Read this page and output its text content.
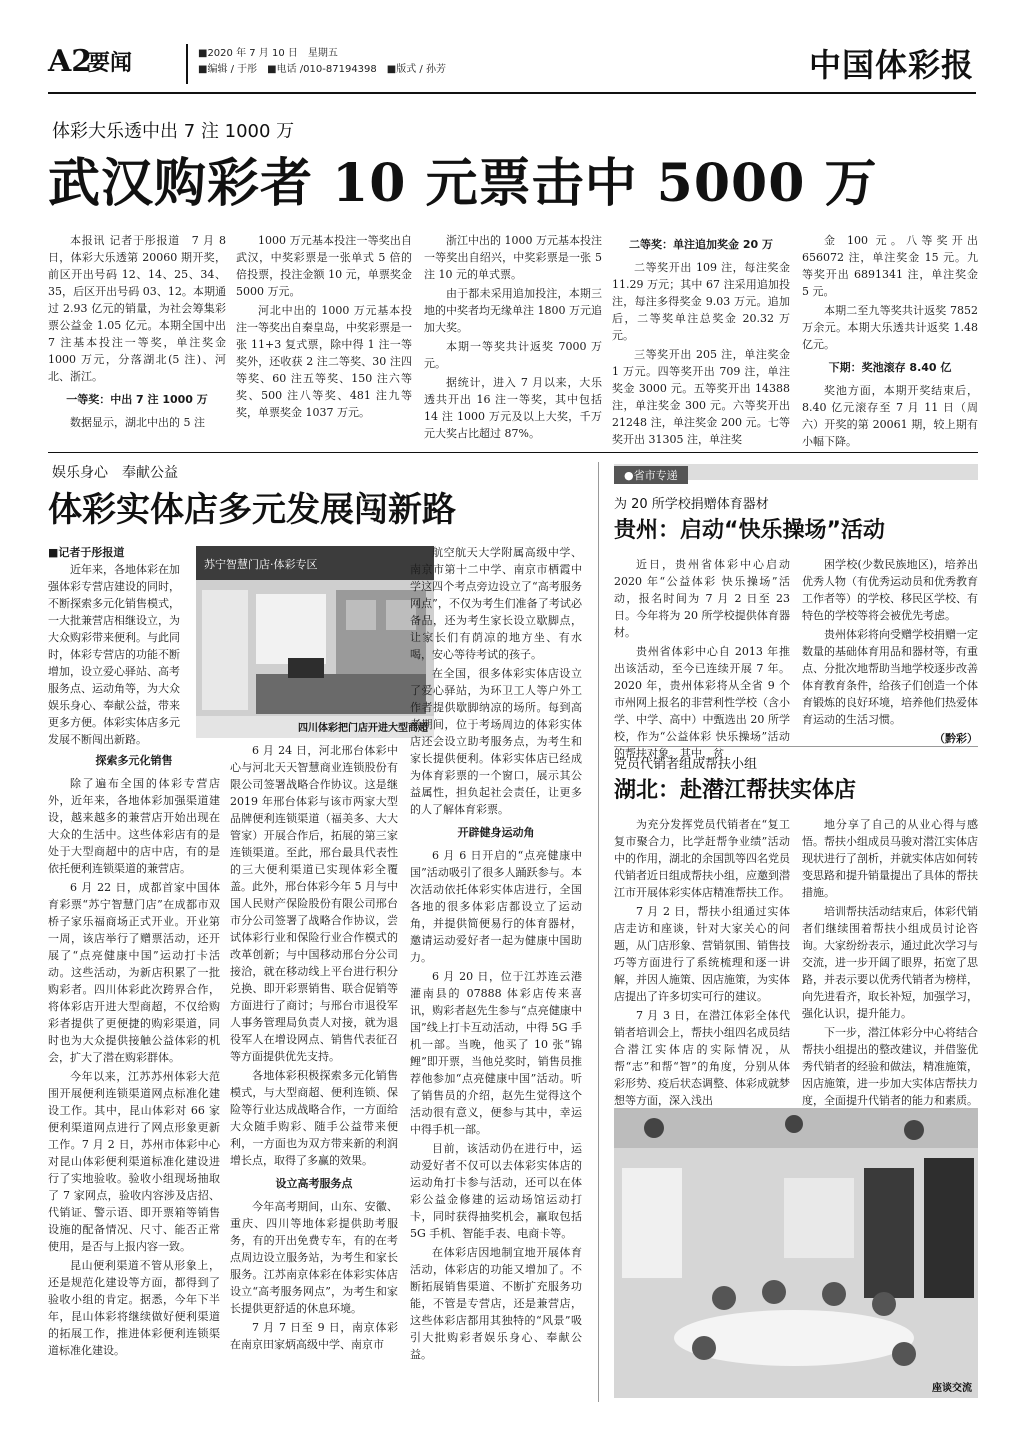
A2
要闻	■2020 年 7 月 10 日　星期五
■编辑 / 于彤　■电话 /010-87194398　■版式 / 孙芳	中国体彩报
体彩大乐透中出 7 注 1000 万
武汉购彩者 10 元票击中 5000 万

本报讯 记者于彤报道　7 月 8 日，体彩大乐透第 20060 期开奖，前区开出号码 12、14、25、34、35，后区开出号码 03、12。本期通过 2.93 亿元的销量，为社会筹集彩票公益金 1.05 亿元。本期全国中出 7 注基本投注一等奖，单注奖金 1000 万元，分落湖北(5 注)、河北、浙江。

一等奖：中出 7 注 1000 万

数据显示，湖北中出的 5 注

1000 万元基本投注一等奖出自武汉，中奖彩票是一张单式 5 倍的倍投票，投注金额 10 元，单票奖金 5000 万元。

河北中出的 1000 万元基本投注一等奖出自秦皇岛，中奖彩票是一张 11+3 复式票，除中得 1 注一等奖外，还收获 2 注二等奖、30 注四等奖、60 注五等奖、150 注六等奖、500 注八等奖、481 注九等奖，单票奖金 1037 万元。

浙江中出的 1000 万元基本投注一等奖出自绍兴，中奖彩票是一张 5 注 10 元的单式票。

由于都未采用追加投注，本期三地的中奖者均无缘单注 1800 万元追加大奖。

本期一等奖共计返奖 7000 万元。

据统计，进入 7 月以来，大乐透共开出 16 注一等奖，其中包括 14 注 1000 万元及以上大奖，千万元大奖占比超过 87%。

二等奖：单注追加奖金 20 万

二等奖开出 109 注，每注奖金 11.29 万元；其中 67 注采用追加投注，每注多得奖金 9.03 万元。追加后，二等奖单注总奖金 20.32 万元。

三等奖开出 205 注，单注奖金 1 万元。四等奖开出 709 注，单注奖金 3000 元。五等奖开出 14388 注，单注奖金 300 元。六等奖开出 21248 注，单注奖金 200 元。七等奖开出 31305 注，单注奖

金 100 元。八等奖开出 656072 注，单注奖金 15 元。九等奖开出 6891341 注，单注奖金 5 元。

本期二至九等奖共计返奖 7852 万余元。本期大乐透共计返奖 1.48 亿元。

下期：奖池滚存 8.40 亿

奖池方面，本期开奖结束后，8.40 亿元滚存至 7 月 11 日（周六）开奖的第 20061 期，较上期有小幅下降。

娱乐身心　奉献公益
体彩实体店多元发展闯新路
■记者于彤报道

近年来，各地体彩在加强体彩专营店建设的同时，不断探索多元化销售模式，一大批兼营店相继设立，为大众购彩带来便利。与此同时，体彩专营店的功能不断增加，设立爱心驿站、高考服务点、运动角等，为大众娱乐身心、奉献公益，带来更多方便。体彩实体店多元发展不断闯出新路。

苏宁智慧门店·体彩专区
四川体彩把门店开进大型商超
探索多元化销售

除了遍布全国的体彩专营店外，近年来，各地体彩加强渠道建设，越来越多的兼营店开始出现在大众的生活中。这些体彩店有的是处于大型商超中的店中店，有的是依托便利连锁渠道的兼营店。

6 月 22 日，成都首家中国体育彩票“苏宁智慧门店”在成都市双桥子家乐福商场正式开业。开业第一周，该店举行了赠票活动，还开展了“点亮健康中国”运动打卡活动。这些活动，为新店积累了一批购彩者。四川体彩此次跨界合作，将体彩店开进大型商超，不仅给购彩者提供了更便捷的购彩渠道，同时也为大众提供接触公益体彩的机会，扩大了潜在购彩群体。

今年以来，江苏苏州体彩大范围开展便利连锁渠道网点标准化建设工作。其中，昆山体彩对 66 家便利渠道网点进行了网点形象更新工作。7 月 2 日，苏州市体彩中心对昆山体彩便利渠道标准化建设进行了实地验收。验收小组现场抽取了 7 家网点，验收内容涉及店招、代销证、警示语、即开票箱等销售设施的配备情况、尺寸、能否正常使用，是否与上报内容一致。

昆山便利渠道不管从形象上，还是规范化建设等方面，都得到了验收小组的肯定。据悉，今年下半年，昆山体彩将继续做好便利渠道的拓展工作，推进体彩便利连锁渠道标准化建设。

6 月 24 日，河北邢台体彩中心与河北天天智慧商业连锁股份有限公司签署战略合作协议。这是继 2019 年邢台体彩与该市两家大型品牌便利连锁渠道（福美多、大大管家）开展合作后，拓展的第三家连锁渠道。至此，邢台最具代表性的三大便利渠道已实现体彩全覆盖。此外，邢台体彩今年 5 月与中国人民财产保险股份有限公司邢台市分公司签署了战略合作协议，尝试体彩行业和保险行业合作模式的改革创新；与中国移动邢台分公司接洽，就在移动线上平台进行积分兑换、即开彩票销售、联合促销等方面进行了商讨；与邢台市退役军人事务管理局负责人对接，就为退役军人在增设网点、销售代表征召等方面提供优先支持。

各地体彩积极探索多元化销售模式，与大型商超、便利连锁、保险等行业达成战略合作，一方面给大众随手购彩、随手公益带来便利，一方面也为双方带来新的利润增长点，取得了多赢的效果。

设立高考服务点

今年高考期间，山东、安徽、重庆、四川等地体彩提供助考服务，有的开出免费专车，有的在考点周边设立服务站，为考生和家长服务。江苏南京体彩在体彩实体店设立“高考服务网点”，为考生和家长提供更舒适的休息环境。

7 月 7 日至 9 日，南京体彩在南京田家炳高级中学、南京市

航空航天大学附属高级中学、南京市第十二中学、南京市栖霞中学这四个考点旁边设立了“高考服务网点”，不仅为考生们准备了考试必备品，还为考生家长设立歇脚点，让家长们有荫凉的地方坐、有水喝，安心等待考试的孩子。

在全国，很多体彩实体店设立了爱心驿站，为环卫工人等户外工作者提供歇脚纳凉的场所。每到高考期间，位于考场周边的体彩实体店还会设立助考服务点，为考生和家长提供便利。体彩实体店已经成为体育彩票的一个窗口，展示其公益属性，担负起社会责任，让更多的人了解体育彩票。

开辟健身运动角

6 月 6 日开启的“点亮健康中国”活动吸引了很多人踊跃参与。本次活动依托体彩实体店进行，全国各地的很多体彩店都设立了运动角，并提供简便易行的体育器材，邀请运动爱好者一起为健康中国助力。

6 月 20 日，位于江苏连云港灌南县的 07888 体彩店传来喜讯，购彩者赵先生参与“点亮健康中国”线上打卡互动活动，中得 5G 手机一部。当晚，他买了 10 张“锦鲤”即开票，当他兑奖时，销售员推荐他参加“点亮健康中国”活动。听了销售员的介绍，赵先生觉得这个活动很有意义，便参与其中，幸运中得手机一部。

目前，该活动仍在进行中，运动爱好者不仅可以去体彩实体店的运动角打卡参与活动，还可以在体彩公益金修建的运动场馆运动打卡，同时获得抽奖机会，赢取包括 5G 手机、智能手表、电商卡等。

在体彩店因地制宜地开展体育活动，体彩店的功能又增加了。不断拓展销售渠道、不断扩充服务功能，不管是专营店，还是兼营店，这些体彩店都用其独特的“风景”吸引大批购彩者娱乐身心、奉献公益。

●省市专递
为 20 所学校捐赠体育器材
贵州：启动“快乐操场”活动

近日，贵州省体彩中心启动 2020 年“公益体彩 快乐操场”活动，报名时间为 7 月 2 日至 23 日。今年将为 20 所学校提供体育器材。

贵州省体彩中心自 2013 年推出该活动，至今已连续开展 7 年。2020 年，贵州体彩将从全省 9 个市州网上报名的非营利性学校（含小学、中学、高中）中甄选出 20 所学校，作为“公益体彩 快乐操场”活动的帮扶对象。其中，贫

困学校(少数民族地区)，培养出优秀人物（有优秀运动员和优秀教育工作者等）的学校、移民区学校、有特色的学校等将会被优先考虑。

贵州体彩将向受赠学校捐赠一定数量的基础体育用品和器材等，有重点、分批次地帮助当地学校逐步改善体育教育条件，给孩子们创造一个体育锻炼的良好环境，培养他们热爱体育运动的生活习惯。

（黔彩）
党员代销者组成帮扶小组
湖北：赴潜江帮扶实体店

为充分发挥党员代销者在“复工复市聚合力，比学赶帮争业绩”活动中的作用，湖北的余国凯等四名党员代销者近日组成帮扶小组，应邀到潜江市开展体彩实体店精准帮扶工作。

7 月 2 日，帮扶小组通过实体店走访和座谈，针对大家关心的问题，从门店形象、营销氛围、销售技巧等方面进行了系统梳理和逐一讲解，并因人施策、因店施策，为实体店提出了许多切实可行的建议。

7 月 3 日，在潜江体彩全体代销者培训会上，帮扶小组四名成员结合潜江实体店的实际情况，从帮“志”和帮“智”的角度，分别从体彩形势、疫后状态调整、体彩成就梦想等方面，深入浅出

地分享了自己的从业心得与感悟。帮扶小组成员马骏对潜江实体店现状进行了剖析，并就实体店如何转变思路和提升销量提出了具体的帮扶措施。

培训帮扶活动结束后，体彩代销者们继续围着帮扶小组成员讨论咨询。大家纷纷表示，通过此次学习与交流，进一步开阔了眼界，拓宽了思路，并表示要以优秀代销者为榜样，向先进看齐，取长补短，加强学习，强化认识，提升能力。

下一步，潜江体彩分中心将结合帮扶小组提出的整改建议，并借鉴优秀代销者的经验和做法，精准施策，因店施策，进一步加大实体店帮扶力度，全面提升代销者的能力和素质。

座谈交流
